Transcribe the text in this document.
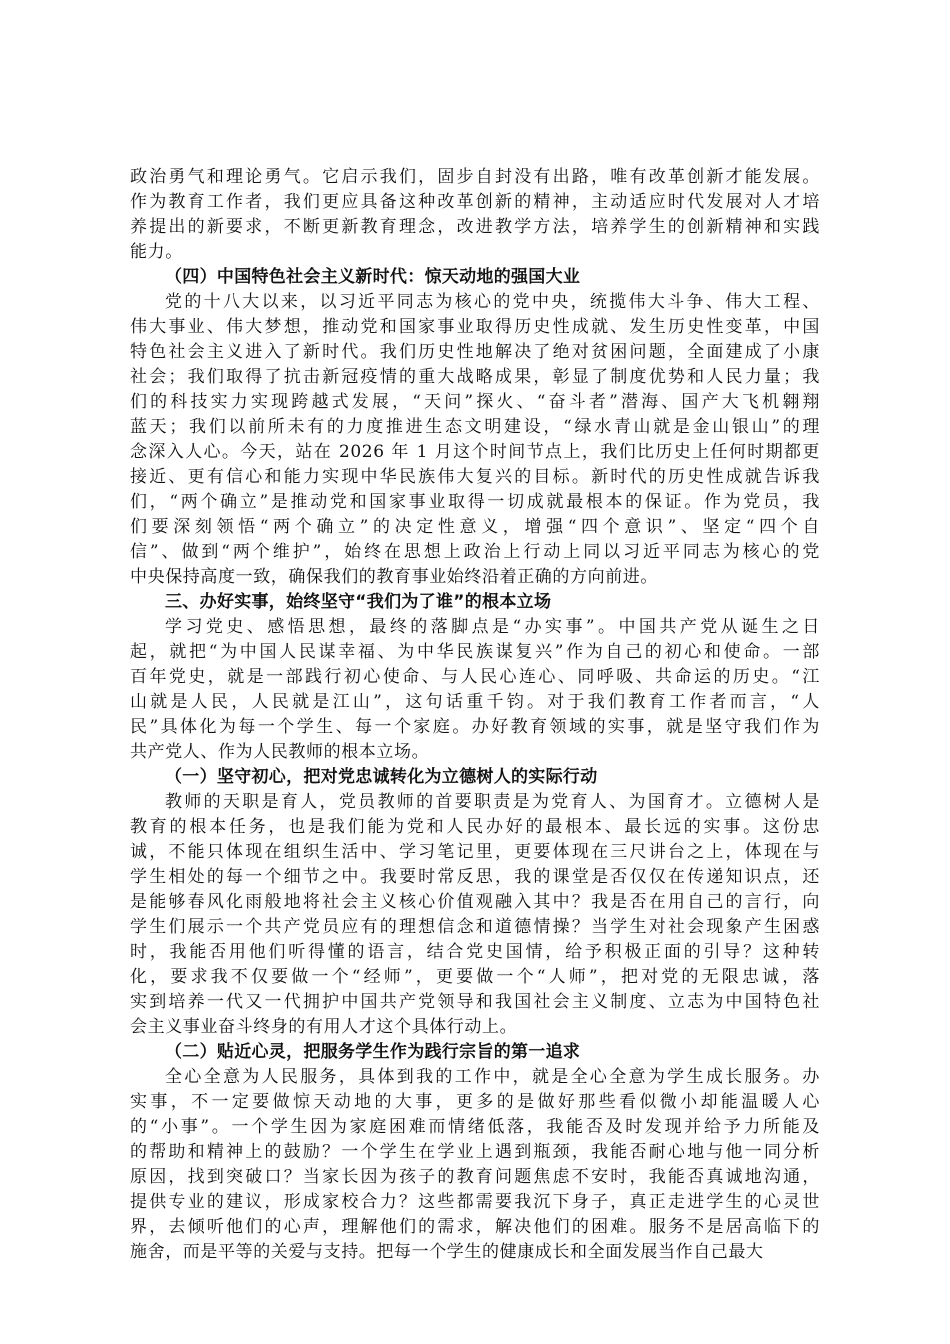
政治勇气和理论勇气。它启示我们，固步自封没有出路，唯有改革创新才能发展。
作为教育工作者，我们更应具备这种改革创新的精神，主动适应时代发展对人才培
养提出的新要求，不断更新教育理念，改进教学方法，培养学生的创新精神和实践
能力。
（四）中国特色社会主义新时代：惊天动地的强国大业
党的十八大以来，以习近平同志为核心的党中央，统揽伟大斗争、伟大工程、
伟大事业、伟大梦想，推动党和国家事业取得历史性成就、发生历史性变革，中国
特色社会主义进入了新时代。我们历史性地解决了绝对贫困问题，全面建成了小康
社会；我们取得了抗击新冠疫情的重大战略成果，彰显了制度优势和人民力量；我
们的科技实力实现跨越式发展，“天问”探火、“奋斗者”潜海、国产大飞机翱翔
蓝天；我们以前所未有的力度推进生态文明建设，“绿水青山就是金山银山”的理
念深入人心。今天，站在 2026 年 1 月这个时间节点上，我们比历史上任何时期都更
接近、更有信心和能力实现中华民族伟大复兴的目标。新时代的历史性成就告诉我
们，“两个确立”是推动党和国家事业取得一切成就最根本的保证。作为党员，我
们要深刻领悟“两个确立”的决定性意义，增强“四个意识”、坚定“四个自
信”、做到“两个维护”，始终在思想上政治上行动上同以习近平同志为核心的党
中央保持高度一致，确保我们的教育事业始终沿着正确的方向前进。
三、办好实事，始终坚守“我们为了谁”的根本立场
学习党史、感悟思想，最终的落脚点是“办实事”。中国共产党从诞生之日
起，就把“为中国人民谋幸福、为中华民族谋复兴”作为自己的初心和使命。一部
百年党史，就是一部践行初心使命、与人民心连心、同呼吸、共命运的历史。“江
山就是人民，人民就是江山”，这句话重千钧。对于我们教育工作者而言，“人
民”具体化为每一个学生、每一个家庭。办好教育领域的实事，就是坚守我们作为
共产党人、作为人民教师的根本立场。
（一）坚守初心，把对党忠诚转化为立德树人的实际行动
教师的天职是育人，党员教师的首要职责是为党育人、为国育才。立德树人是
教育的根本任务，也是我们能为党和人民办好的最根本、最长远的实事。这份忠
诚，不能只体现在组织生活中、学习笔记里，更要体现在三尺讲台之上，体现在与
学生相处的每一个细节之中。我要时常反思，我的课堂是否仅仅在传递知识点，还
是能够春风化雨般地将社会主义核心价值观融入其中？我是否在用自己的言行，向
学生们展示一个共产党员应有的理想信念和道德情操？当学生对社会现象产生困惑
时，我能否用他们听得懂的语言，结合党史国情，给予积极正面的引导？这种转
化，要求我不仅要做一个“经师”，更要做一个“人师”，把对党的无限忠诚，落
实到培养一代又一代拥护中国共产党领导和我国社会主义制度、立志为中国特色社
会主义事业奋斗终身的有用人才这个具体行动上。
（二）贴近心灵，把服务学生作为践行宗旨的第一追求
全心全意为人民服务，具体到我的工作中，就是全心全意为学生成长服务。办
实事，不一定要做惊天动地的大事，更多的是做好那些看似微小却能温暖人心
的“小事”。一个学生因为家庭困难而情绪低落，我能否及时发现并给予力所能及
的帮助和精神上的鼓励？一个学生在学业上遇到瓶颈，我能否耐心地与他一同分析
原因，找到突破口？当家长因为孩子的教育问题焦虑不安时，我能否真诚地沟通，
提供专业的建议，形成家校合力？这些都需要我沉下身子，真正走进学生的心灵世
界，去倾听他们的心声，理解他们的需求，解决他们的困难。服务不是居高临下的
施舍，而是平等的关爱与支持。把每一个学生的健康成长和全面发展当作自己最大
